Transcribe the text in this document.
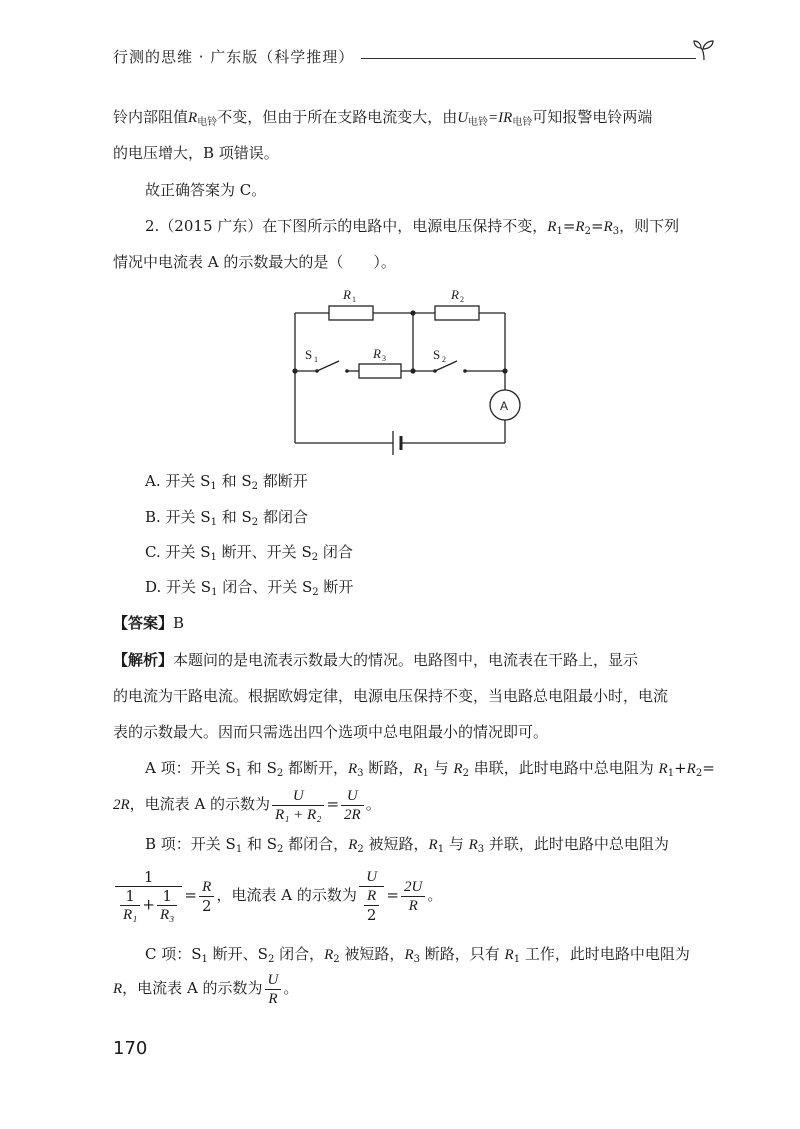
行测的思维 · 广东版（科学推理）
铃内部阻值$R_{电铃}$不变，但由于所在支路电流变大，由$U_{电铃}=IR_{电铃}$可知报警电铃两端
的电压增大，B 项错误。
故正确答案为 C。
2.（2015 广东）在下图所示的电路中，电源电压保持不变，$R_1=R_2=R_3$，则下列
情况中电流表 A 的示数最大的是（　　）。
R 1	R 2
R 3
S 1	S 2
A
A. 开关 $S_1$ 和 $S_2$ 都断开
B. 开关 $S_1$ 和 $S_2$ 都闭合
C. 开关 $S_1$ 断开、开关 $S_2$ 闭合
D. 开关 $S_1$ 闭合、开关 $S_2$ 断开
【答案】B
【解析】本题问的是电流表示数最大的情况。电路图中，电流表在干路上，显示
的电流为干路电流。根据欧姆定律，电源电压保持不变，当电路总电阻最小时，电流
表的示数最大。因而只需选出四个选项中总电阻最小的情况即可。
A 项：开关 $S_1$ 和 $S_2$ 都断开，$R_3$ 断路，$R_1$ 与 $R_2$ 串联，此时电路中总电阻为 $R_1+R_2=$
2R，电流表 A 的示数为 $\frac{U}{\text{R₁ + R₂}} = \frac{U}{2R}$ 。
B 项：开关 $S_1$ 和 $S_2$ 都闭合，$R_2$ 被短路，$R_1$ 与 $R_3$ 并联，此时电路中总电阻为
$\frac{1}{\frac{1}{\text{R₁}} + \frac{1}{\text{R₃}}} = \frac{R}{2}$ ，电流表 A 的示数为 $\frac{U}{\frac{R}{2}} = \frac{2U}{R}$ 。
C 项：$S_1$ 断开、$S_2$ 闭合，$R_2$ 被短路，$R_3$ 断路，只有 $R_1$ 工作，此时电路中电阻为
R，电流表 A 的示数为 $\frac{U}{R}$ 。
170
